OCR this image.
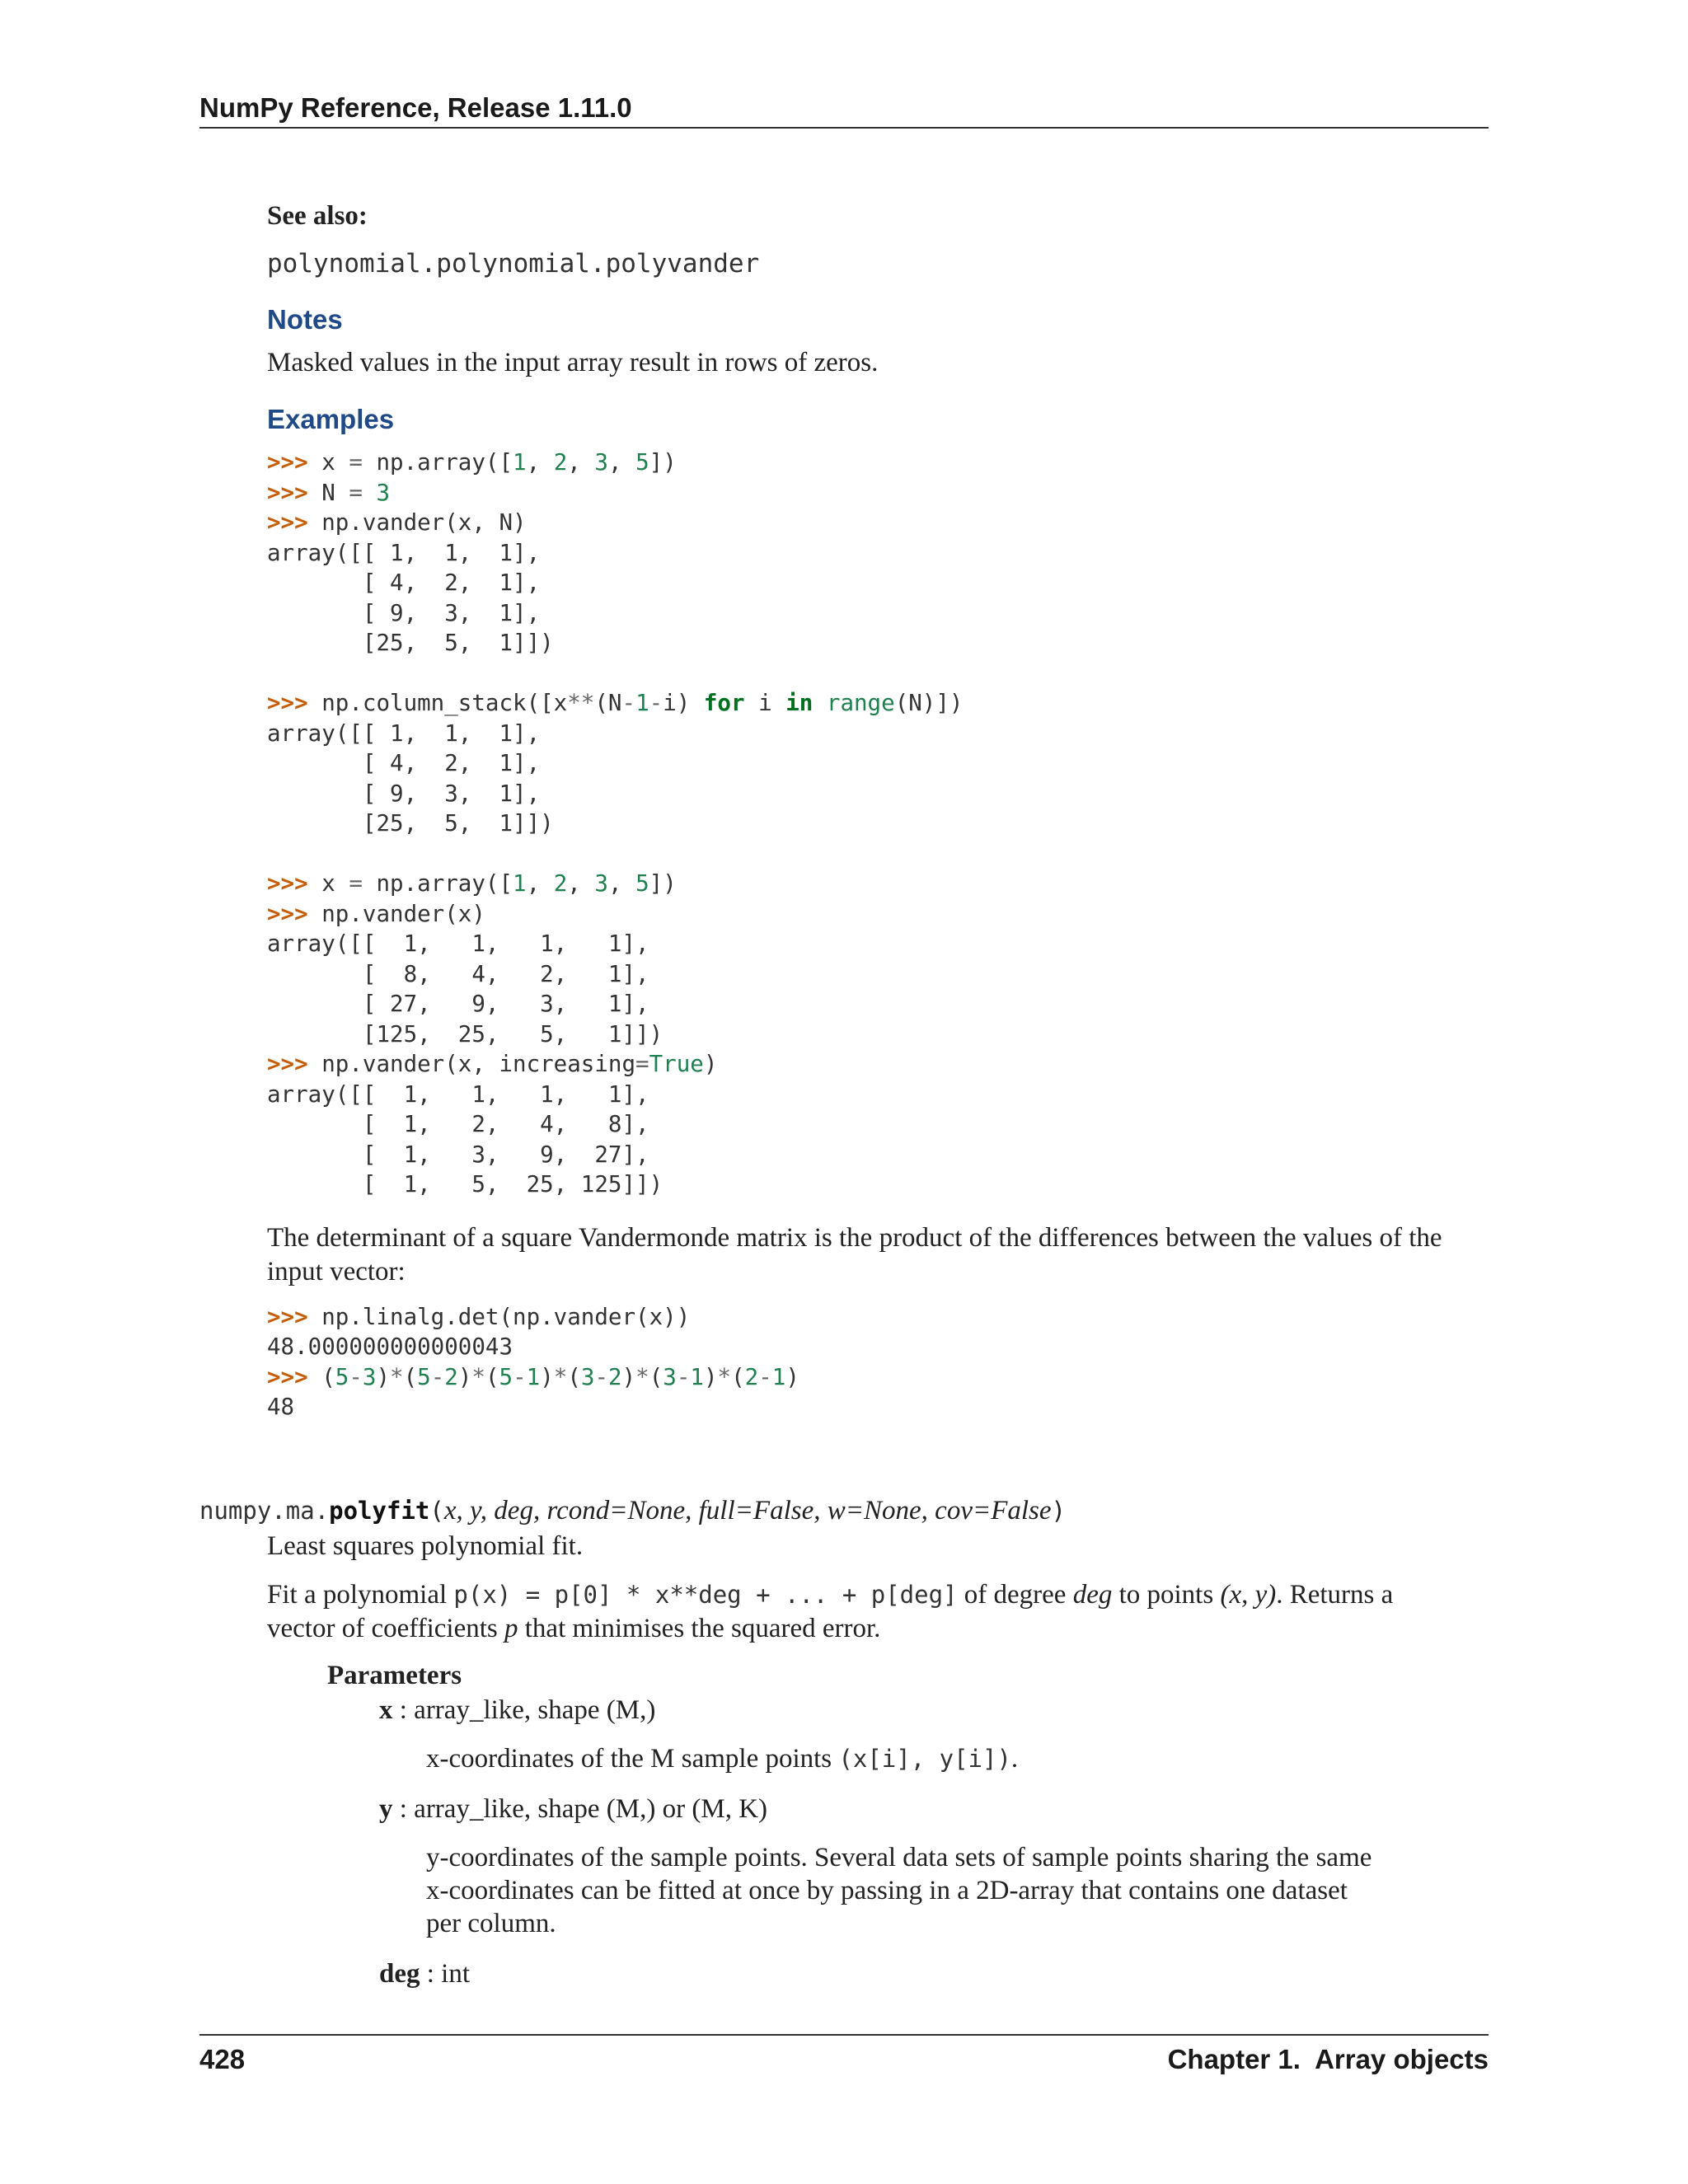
NumPy Reference, Release 1.11.0

See also:

polynomial.polynomial.polyvander
Notes

Masked values in the input array result in rows of zeros.

Examples
>>> x = np.array([1, 2, 3, 5])
>>> N = 3
>>> np.vander(x, N)
array([[ 1,  1,  1],
[ 4,  2,  1],
[ 9,  3,  1],
[25,  5,  1]])

>>> np.column_stack([x**(N-1-i) for i in range(N)])
array([[ 1,  1,  1],
[ 4,  2,  1],
[ 9,  3,  1],
[25,  5,  1]])

>>> x = np.array([1, 2, 3, 5])
>>> np.vander(x)
array([[  1,   1,   1,   1],
[  8,   4,   2,   1],
[ 27,   9,   3,   1],
[125,  25,   5,   1]])
>>> np.vander(x, increasing=True)
array([[  1,   1,   1,   1],
[  1,   2,   4,   8],
[  1,   3,   9,  27],
[  1,   5,  25, 125]])

The determinant of a square Vandermonde matrix is the product of the differences between the values of the
input vector:

>>> np.linalg.det(np.vander(x))
48.000000000000043
>>> (5-3)*(5-2)*(5-1)*(3-2)*(3-1)*(2-1)
48
numpy.ma.polyfit(x, y, deg, rcond=None, full=False, w=None, cov=False)

Least squares polynomial fit.

Fit a polynomial p(x) = p[0] * x**deg + ... + p[deg] of degree deg to points (x, y). Returns a
vector of coefficients p that minimises the squared error.

Parameters
x : array_like, shape (M,)
x-coordinates of the M sample points (x[i], y[i]).
y : array_like, shape (M,) or (M, K)
y-coordinates of the sample points. Several data sets of sample points sharing the same
x-coordinates can be fitted at once by passing in a 2D-array that contains one dataset
per column.
deg : int
428	Chapter 1.  Array objects
